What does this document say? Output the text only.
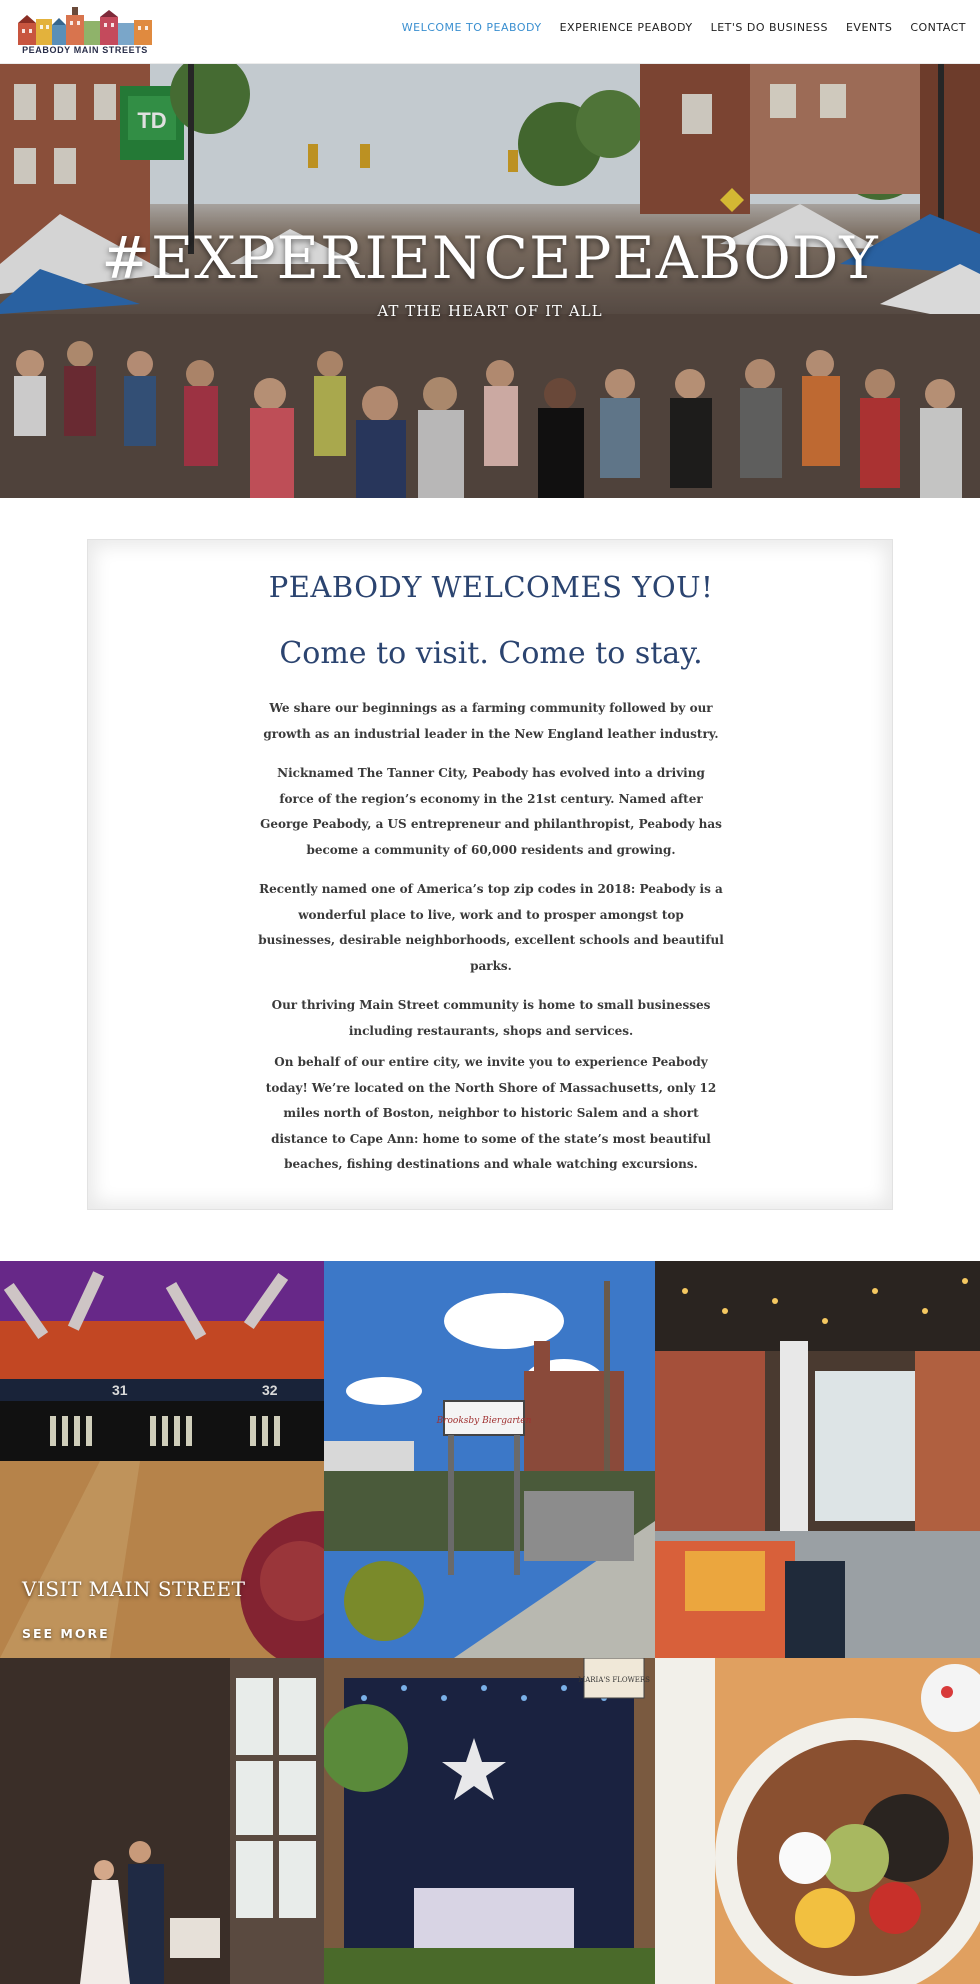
PEABODY MAIN STREETS
WELCOME TO PEABODY EXPERIENCE PEABODY LET'S DO BUSINESS EVENTS CONTACT
#EXPERIENCEPEABODY
AT THE HEART OF IT ALL
PEABODY WELCOMES YOU!
Come to visit. Come to stay.

We share our beginnings as a farming community followed by our growth as an industrial leader in the New England leather industry.

Nicknamed The Tanner City, Peabody has evolved into a driving force of the region’s economy in the 21st century. Named after George Peabody, a US entrepreneur and philanthropist, Peabody has become a community of 60,000 residents and growing.

Recently named one of America’s top zip codes in 2018: Peabody is a wonderful place to live, work and to prosper amongst top businesses, desirable neighborhoods, excellent schools and beautiful parks.

Our thriving Main Street community is home to small businesses including restaurants, shops and services.

On behalf of our entire city, we invite you to experience Peabody today! We’re located on the North Shore of Massachusetts, only 12 miles north of Boston, neighbor to historic Salem and a short distance to Cape Ann: home to some of the state’s most beautiful beaches, fishing destinations and whale watching excursions.

VISIT MAIN STREET
SEE MORE
Brooksby Biergarten
MARIA'S FLOWERS
